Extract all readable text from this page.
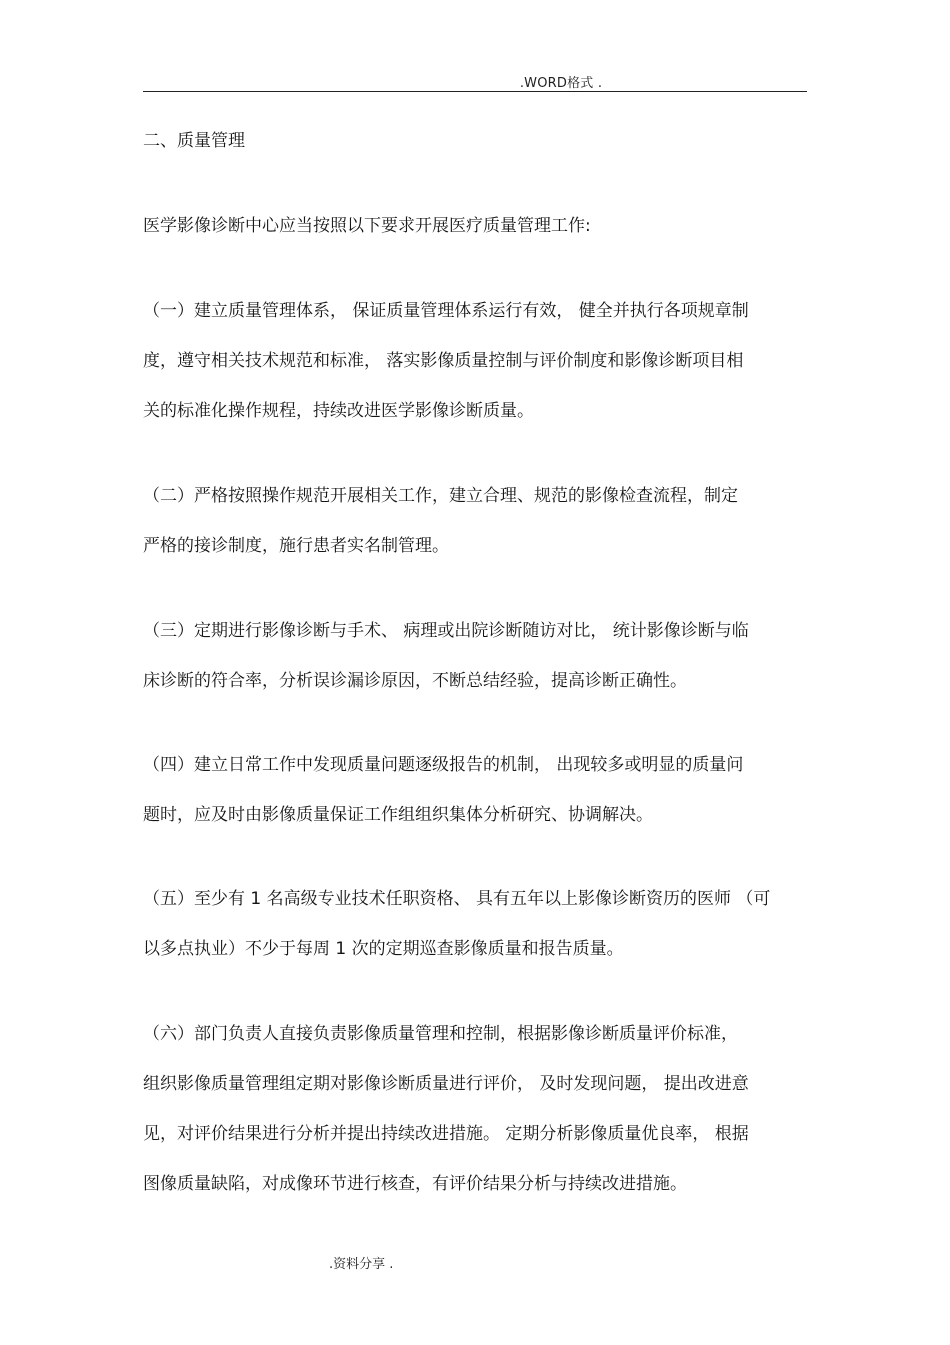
.WORD格式 .
二、质量管理
医学影像诊断中心应当按照以下要求开展医疗质量管理工作:
（一）建立质量管理体系， 保证质量管理体系运行有效， 健全并执行各项规章制
度，遵守相关技术规范和标准， 落实影像质量控制与评价制度和影像诊断项目相
关的标准化操作规程，持续改进医学影像诊断质量。
（二）严格按照操作规范开展相关工作，建立合理、规范的影像检查流程，制定
严格的接诊制度，施行患者实名制管理。
（三）定期进行影像诊断与手术、 病理或出院诊断随访对比， 统计影像诊断与临
床诊断的符合率，分析误诊漏诊原因，不断总结经验，提高诊断正确性。
（四）建立日常工作中发现质量问题逐级报告的机制， 出现较多或明显的质量问
题时，应及时由影像质量保证工作组组织集体分析研究、协调解决。
（五）至少有 1 名高级专业技术任职资格、 具有五年以上影像诊断资历的医师 （可
以多点执业）不少于每周 1 次的定期巡查影像质量和报告质量。
（六）部门负责人直接负责影像质量管理和控制，根据影像诊断质量评价标准，
组织影像质量管理组定期对影像诊断质量进行评价， 及时发现问题， 提出改进意
见，对评价结果进行分析并提出持续改进措施。 定期分析影像质量优良率， 根据
图像质量缺陷，对成像环节进行核查，有评价结果分析与持续改进措施。
.资料分享 .
